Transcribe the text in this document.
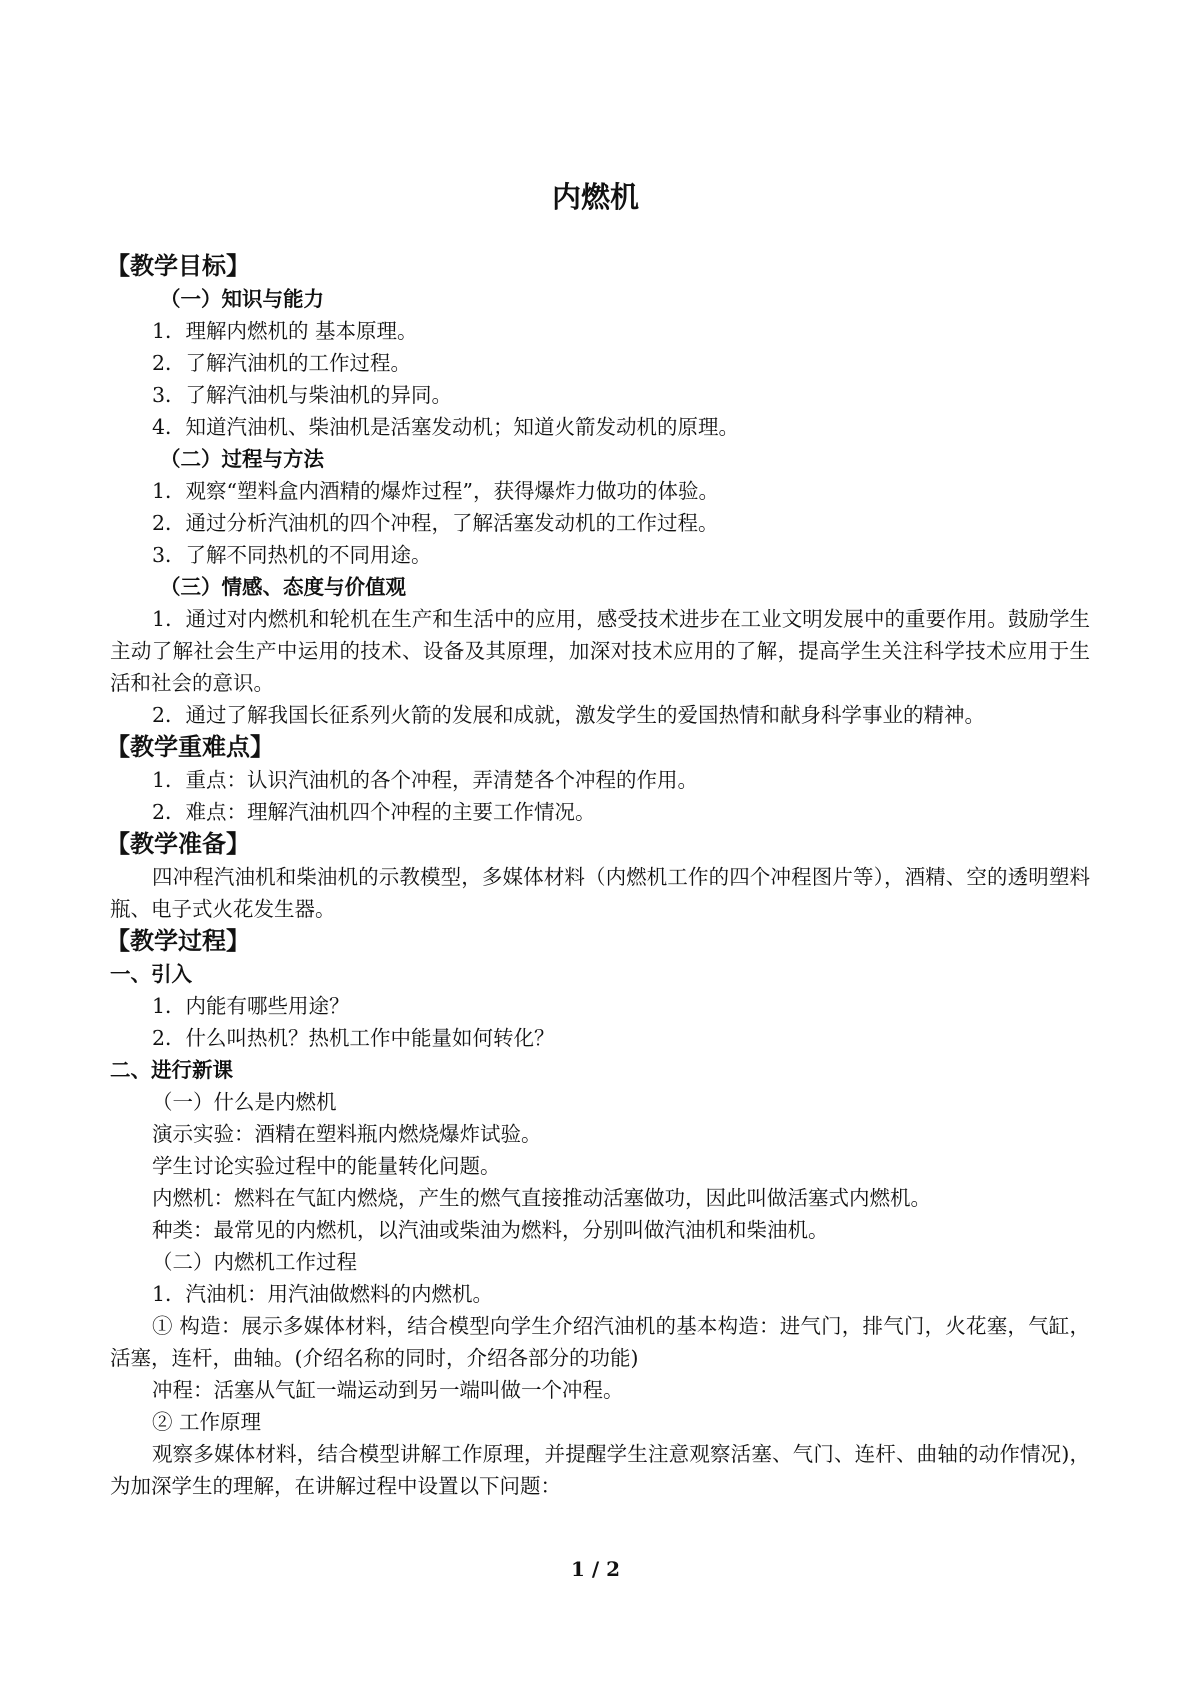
内燃机
【教学目标】
（一）知识与能力
1．理解内燃机的 基本原理。
2．了解汽油机的工作过程。
3．了解汽油机与柴油机的异同。
4．知道汽油机、柴油机是活塞发动机；知道火箭发动机的原理。
（二）过程与方法
1．观察“塑料盒内酒精的爆炸过程”，获得爆炸力做功的体验。
2．通过分析汽油机的四个冲程，了解活塞发动机的工作过程。
3．了解不同热机的不同用途。
（三）情感、态度与价值观
1．通过对内燃机和轮机在生产和生活中的应用，感受技术进步在工业文明发展中的重要作用。鼓励学生主动了解社会生产中运用的技术、设备及其原理，加深对技术应用的了解，提高学生关注科学技术应用于生活和社会的意识。
2．通过了解我国长征系列火箭的发展和成就，激发学生的爱国热情和献身科学事业的精神。
【教学重难点】
1．重点：认识汽油机的各个冲程，弄清楚各个冲程的作用。
2．难点：理解汽油机四个冲程的主要工作情况。
【教学准备】
四冲程汽油机和柴油机的示教模型，多媒体材料（内燃机工作的四个冲程图片等），酒精、空的透明塑料瓶、电子式火花发生器。
【教学过程】
一、引入
1．内能有哪些用途？
2．什么叫热机？热机工作中能量如何转化？
二、进行新课
（一）什么是内燃机
演示实验：酒精在塑料瓶内燃烧爆炸试验。
学生讨论实验过程中的能量转化问题。
内燃机：燃料在气缸内燃烧，产生的燃气直接推动活塞做功，因此叫做活塞式内燃机。
种类：最常见的内燃机，以汽油或柴油为燃料，分别叫做汽油机和柴油机。
（二）内燃机工作过程
1．汽油机：用汽油做燃料的内燃机。
① 构造：展示多媒体材料，结合模型向学生介绍汽油机的基本构造：进气门，排气门，火花塞，气缸，活塞，连杆，曲轴。(介绍名称的同时，介绍各部分的功能)
冲程：活塞从气缸一端运动到另一端叫做一个冲程。
② 工作原理
观察多媒体材料，结合模型讲解工作原理，并提醒学生注意观察活塞、气门、连杆、曲轴的动作情况)，为加深学生的理解，在讲解过程中设置以下问题：
1 / 2
